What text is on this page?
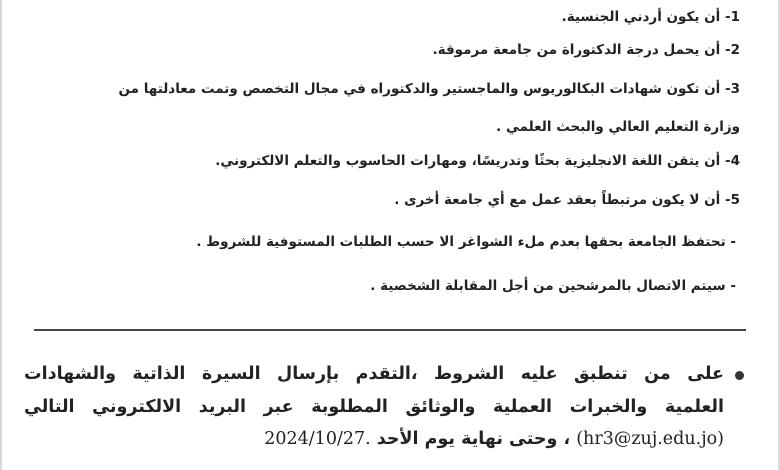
1- أن يكون أردني الجنسية.
2- أن يحمل درجة الدكتوراة من جامعة مرموقة.
3- أن تكون شهادات البكالوريوس والماجستير والدكتوراه في مجال التخصص وتمت معادلتها من
وزارة التعليم العالي والبحث العلمي .
4- أن يتقن اللغة الانجليزية بحثًا وتدريسًا، ومهارات الحاسوب والتعلم الالكتروني.
5- أن لا يكون مرتبطاً بعقد عمل مع أي جامعة أخرى .
- تحتفظ الجامعة بحقها بعدم ملء الشواغر الا حسب الطلبات المستوفية للشروط .
- سيتم الاتصال بالمرشحين من أجل المقابلة الشخصية .
على من تنطبق عليه الشروط ،التقدم بإرسال السيرة الذاتية والشهادات
العلمية والخبرات العملية والوثائق المطلوبة عبر البريد الالكتروني التالي
(hr3@zuj.edu.jo) ، وحتى نهاية يوم الأحد 2024/10/27.
